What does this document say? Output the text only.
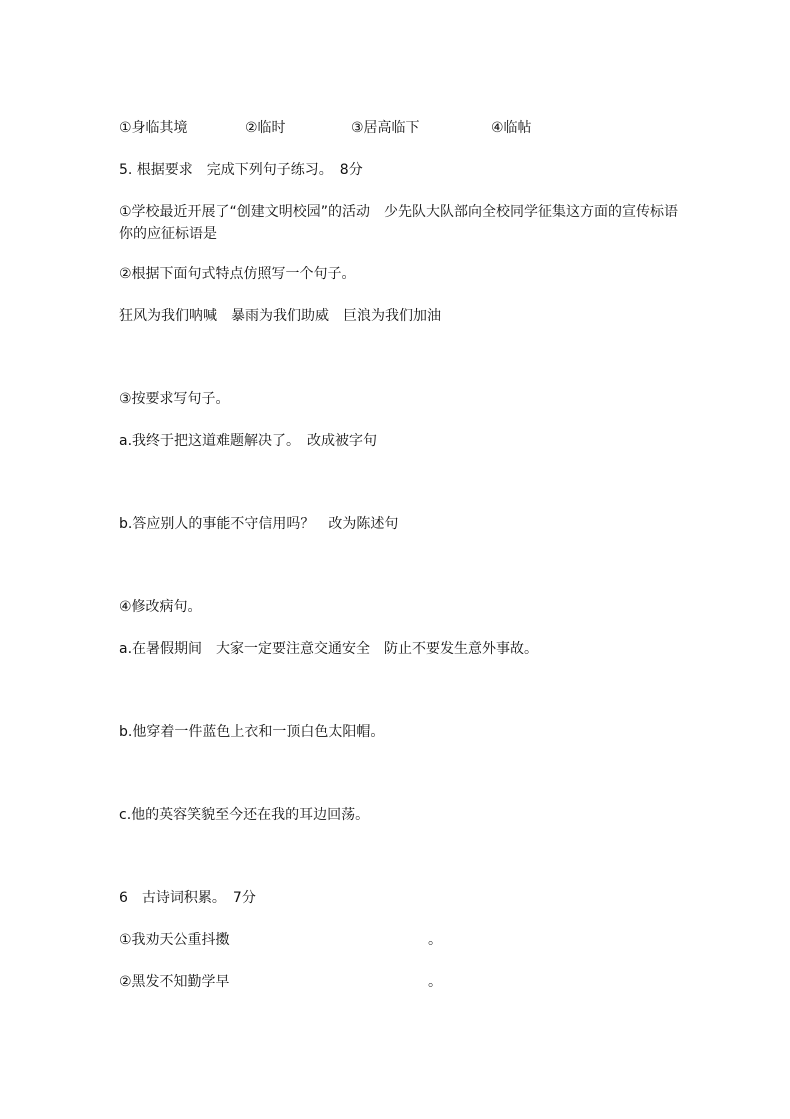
①身临其境	②临时	③居高临下	④临帖

5. 根据要求　完成下列句子练习。　8分

①学校最近开展了“创建文明校园”的活动　少先队大队部向全校同学征集这方面的宣传标语你的应征标语是

②根据下面句式特点仿照写一个句子。

狂风为我们呐喊　暴雨为我们助威　巨浪为我们加油

③按要求写句子。

a.我终于把这道难题解决了。　改成被字句

b.答应别人的事能不守信用吗？　改为陈述句

④修改病句。

a.在暑假期间　大家一定要注意交通安全　防止不要发生意外事故。

b.他穿着一件蓝色上衣和一顶白色太阳帽。

c.他的英容笑貌至今还在我的耳边回荡。

6　古诗词积累。　7分

①我劝天公重抖擞	。

②黑发不知勤学早	。
